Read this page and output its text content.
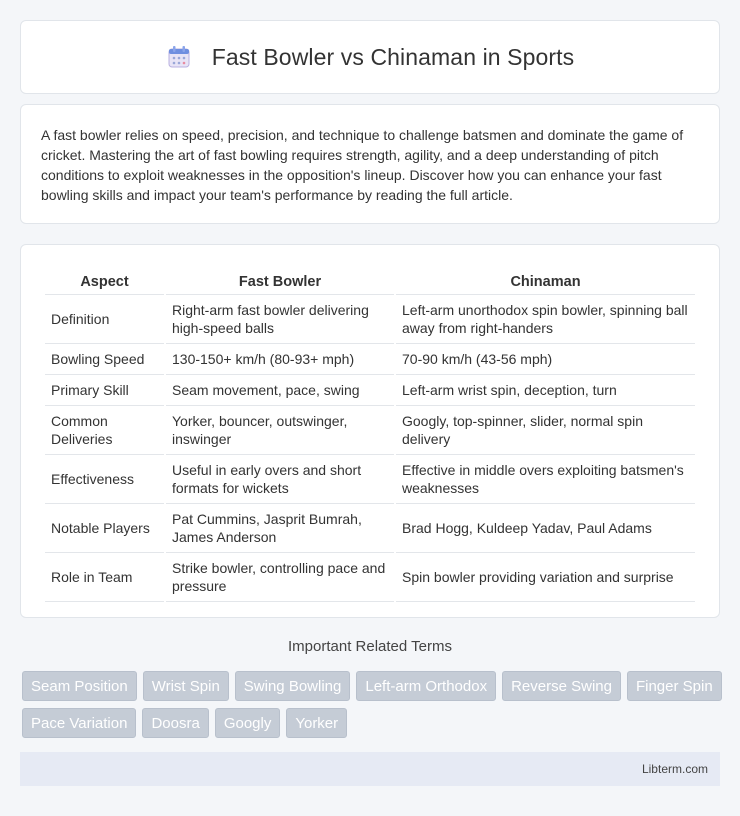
Fast Bowler vs Chinaman in Sports

A fast bowler relies on speed, precision, and technique to challenge batsmen and dominate the game of cricket. Mastering the art of fast bowling requires strength, agility, and a deep understanding of pitch conditions to exploit weaknesses in the opposition's lineup. Discover how you can enhance your fast bowling skills and impact your team's performance by reading the full article.

Aspect	Fast Bowler	Chinaman
Definition	Right-arm fast bowler delivering high-speed balls	Left-arm unorthodox spin bowler, spinning ball away from right-handers
Bowling Speed	130-150+ km/h (80-93+ mph)	70-90 km/h (43-56 mph)
Primary Skill	Seam movement, pace, swing	Left-arm wrist spin, deception, turn
Common Deliveries	Yorker, bouncer, outswinger, inswinger	Googly, top-spinner, slider, normal spin delivery
Effectiveness	Useful in early overs and short formats for wickets	Effective in middle overs exploiting batsmen's weaknesses
Notable Players	Pat Cummins, Jasprit Bumrah, James Anderson	Brad Hogg, Kuldeep Yadav, Paul Adams
Role in Team	Strike bowler, controlling pace and pressure	Spin bowler providing variation and surprise
Important Related Terms
Seam Position	Wrist Spin	Swing Bowling	Left-arm Orthodox	Reverse Swing	Finger Spin
Pace Variation	Doosra	Googly	Yorker
Libterm.com
